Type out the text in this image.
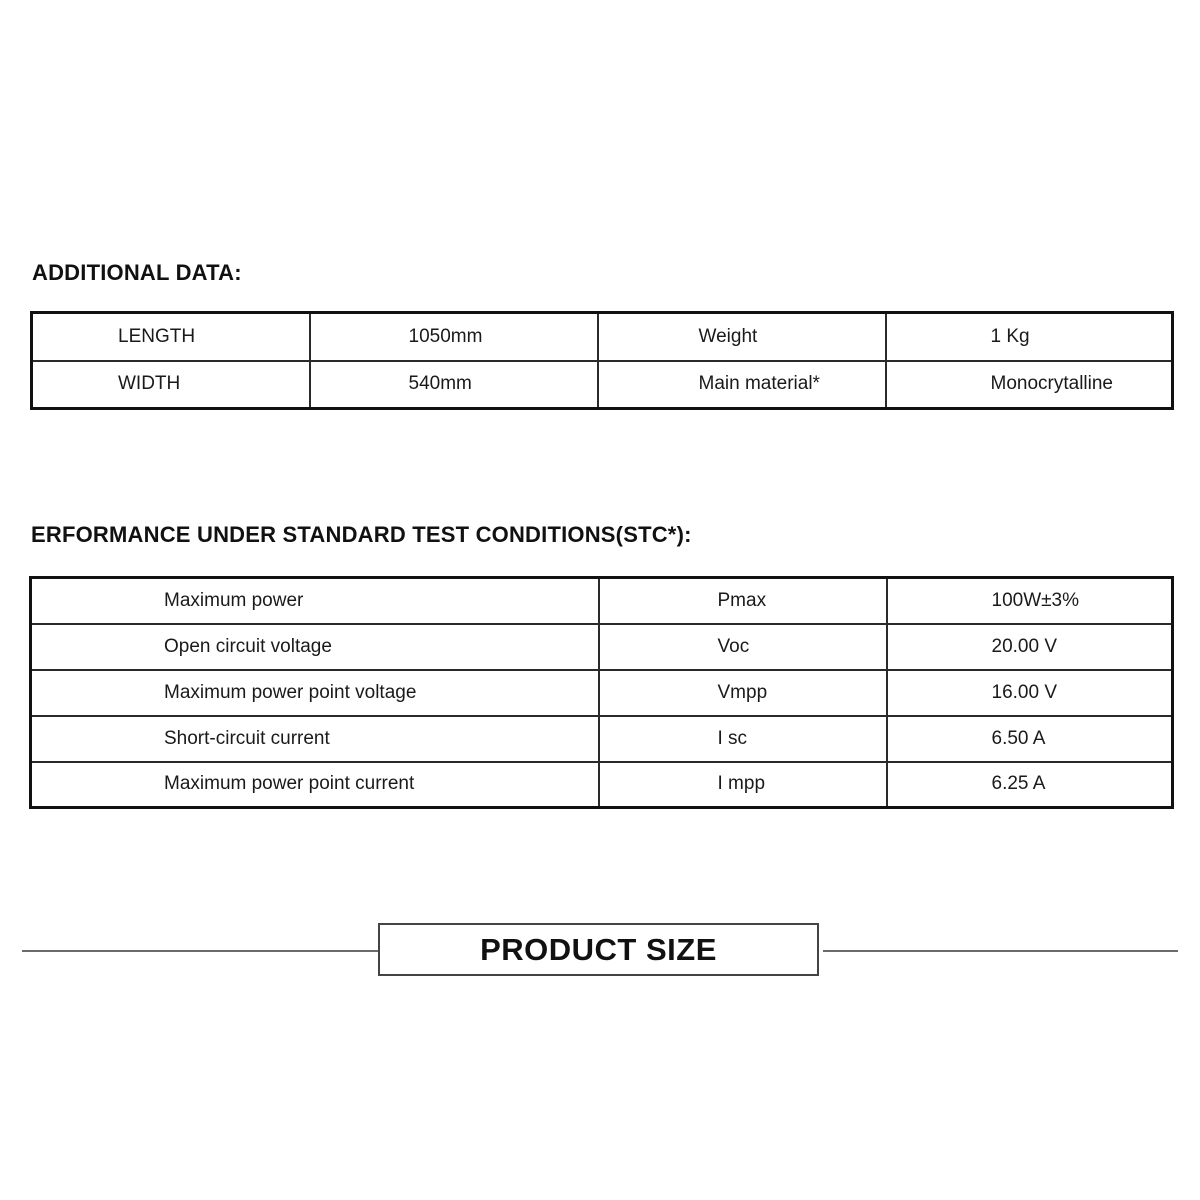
ADDITIONAL DATA:
LENGTH	1050mm	Weight	1 Kg
WIDTH	540mm	Main material*	Monocrytalline
ERFORMANCE UNDER STANDARD TEST CONDITIONS(STC*):
Maximum power	Pmax	100W±3%
Open circuit voltage	Voc	20.00 V
Maximum power point voltage	Vmpp	16.00 V
Short-circuit current	I sc	6.50 A
Maximum power point current	I mpp	6.25 A
PRODUCT SIZE
